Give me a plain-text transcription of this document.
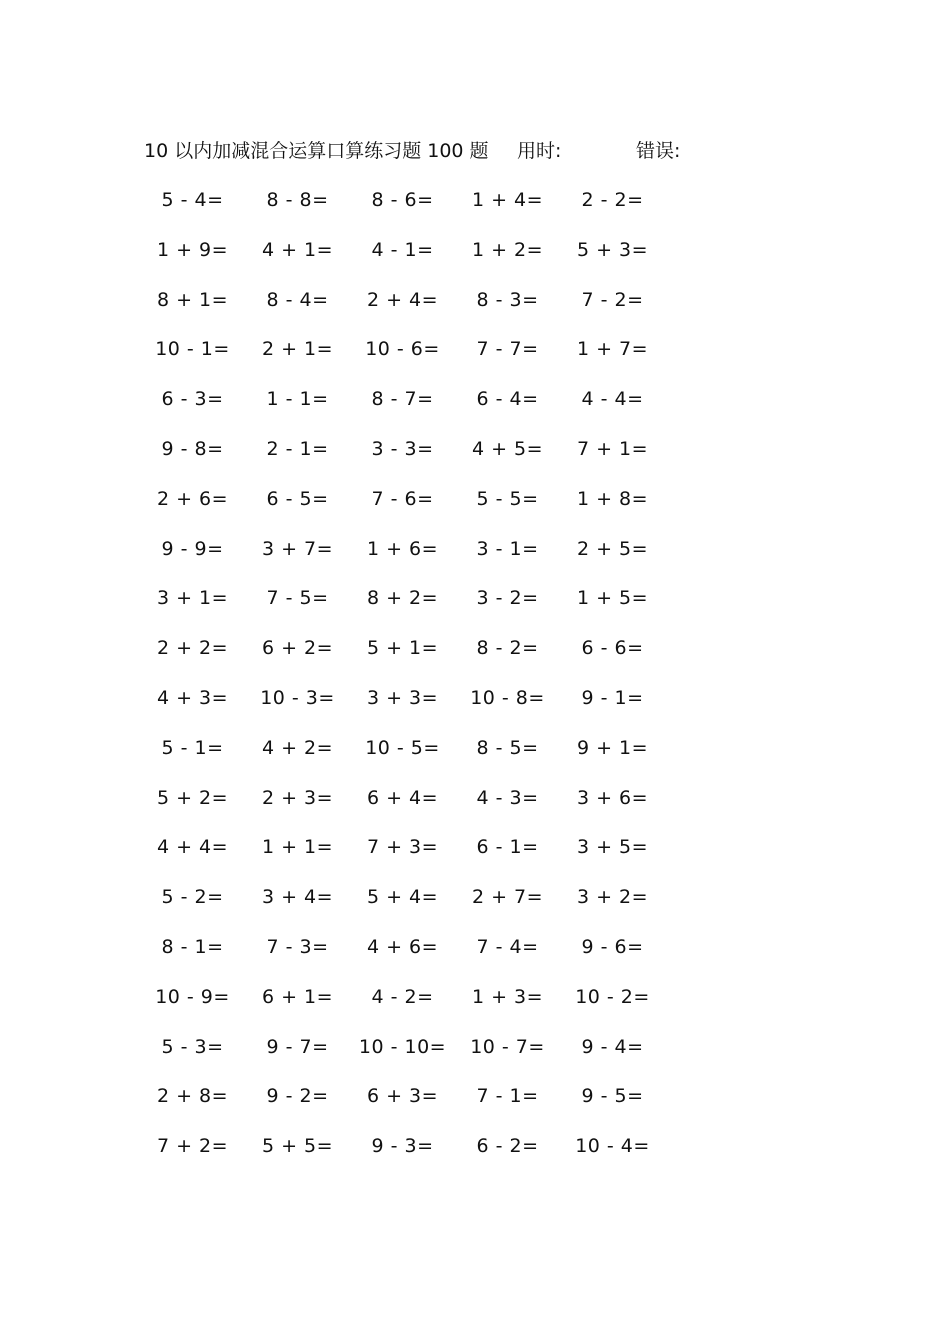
10 以内加减混合运算口算练习题 100 题 用时:	错误:
5 - 4=	8 - 8=	8 - 6=	1 + 4=	2 - 2=
1 + 9=	4 + 1=	4 - 1=	1 + 2=	5 + 3=
8 + 1=	8 - 4=	2 + 4=	8 - 3=	7 - 2=
10 - 1=	2 + 1=	10 - 6=	7 - 7=	1 + 7=
6 - 3=	1 - 1=	8 - 7=	6 - 4=	4 - 4=
9 - 8=	2 - 1=	3 - 3=	4 + 5=	7 + 1=
2 + 6=	6 - 5=	7 - 6=	5 - 5=	1 + 8=
9 - 9=	3 + 7=	1 + 6=	3 - 1=	2 + 5=
3 + 1=	7 - 5=	8 + 2=	3 - 2=	1 + 5=
2 + 2=	6 + 2=	5 + 1=	8 - 2=	6 - 6=
4 + 3=	10 - 3=	3 + 3=	10 - 8=	9 - 1=
5 - 1=	4 + 2=	10 - 5=	8 - 5=	9 + 1=
5 + 2=	2 + 3=	6 + 4=	4 - 3=	3 + 6=
4 + 4=	1 + 1=	7 + 3=	6 - 1=	3 + 5=
5 - 2=	3 + 4=	5 + 4=	2 + 7=	3 + 2=
8 - 1=	7 - 3=	4 + 6=	7 - 4=	9 - 6=
10 - 9=	6 + 1=	4 - 2=	1 + 3=	10 - 2=
5 - 3=	9 - 7=	10 - 10=	10 - 7=	9 - 4=
2 + 8=	9 - 2=	6 + 3=	7 - 1=	9 - 5=
7 + 2=	5 + 5=	9 - 3=	6 - 2=	10 - 4=
